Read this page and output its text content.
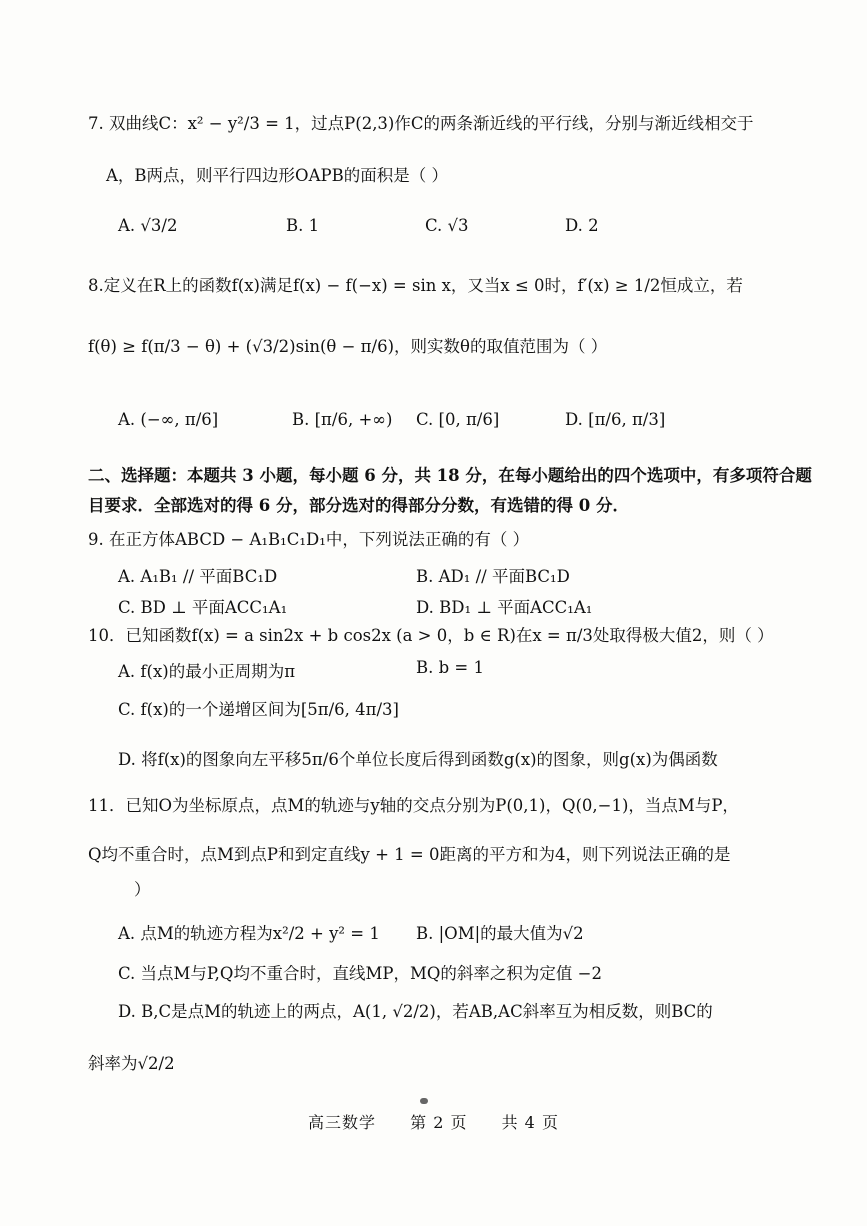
7. 双曲线C：x² − y²/3 = 1，过点P(2,3)作C的两条渐近线的平行线，分别与渐近线相交于
A，B两点，则平行四边形OAPB的面积是（ ）
A. √3/2	B. 1	C. √3	D. 2
8.定义在R上的函数f(x)满足f(x) − f(−x) = sin x，又当x ≤ 0时，f′(x) ≥ 1/2恒成立，若
f(θ) ≥ f(π/3 − θ) + (√3/2)sin(θ − π/6)，则实数θ的取值范围为（ ）
A. (−∞, π/6]	B. [π/6, +∞) C. [0, π/6]	D. [π/6, π/3]
二、选择题：本题共 3 小题，每小题 6 分，共 18 分，在每小题给出的四个选项中，有多项符合题
目要求．全部选对的得 6 分，部分选对的得部分分数，有选错的得 0 分．
9. 在正方体ABCD − A₁B₁C₁D₁中，下列说法正确的有（ ）
A. A₁B₁ // 平面BC₁D	B. AD₁ // 平面BC₁D
C. BD ⊥ 平面ACC₁A₁	D. BD₁ ⊥ 平面ACC₁A₁
10．已知函数f(x) = a sin2x + b cos2x (a > 0，b ∈ R)在x = π/3处取得极大值2，则（ ）
A. f(x)的最小正周期为π	B. b = 1
C. f(x)的一个递增区间为[5π/6, 4π/3]
D. 将f(x)的图象向左平移5π/6个单位长度后得到函数g(x)的图象，则g(x)为偶函数
11．已知O为坐标原点，点M的轨迹与y轴的交点分别为P(0,1)，Q(0,−1)，当点M与P，
Q均不重合时，点M到点P和到定直线y + 1 = 0距离的平方和为4，则下列说法正确的是
）
A. 点M的轨迹方程为x²/2 + y² = 1 B. |OM|的最大值为√2
C. 当点M与P,Q均不重合时，直线MP，MQ的斜率之积为定值 −2
D. B,C是点M的轨迹上的两点，A(1, √2/2)，若AB,AC斜率互为相反数，则BC的
斜率为√2/2
高三数学 第 2 页 共 4 页
